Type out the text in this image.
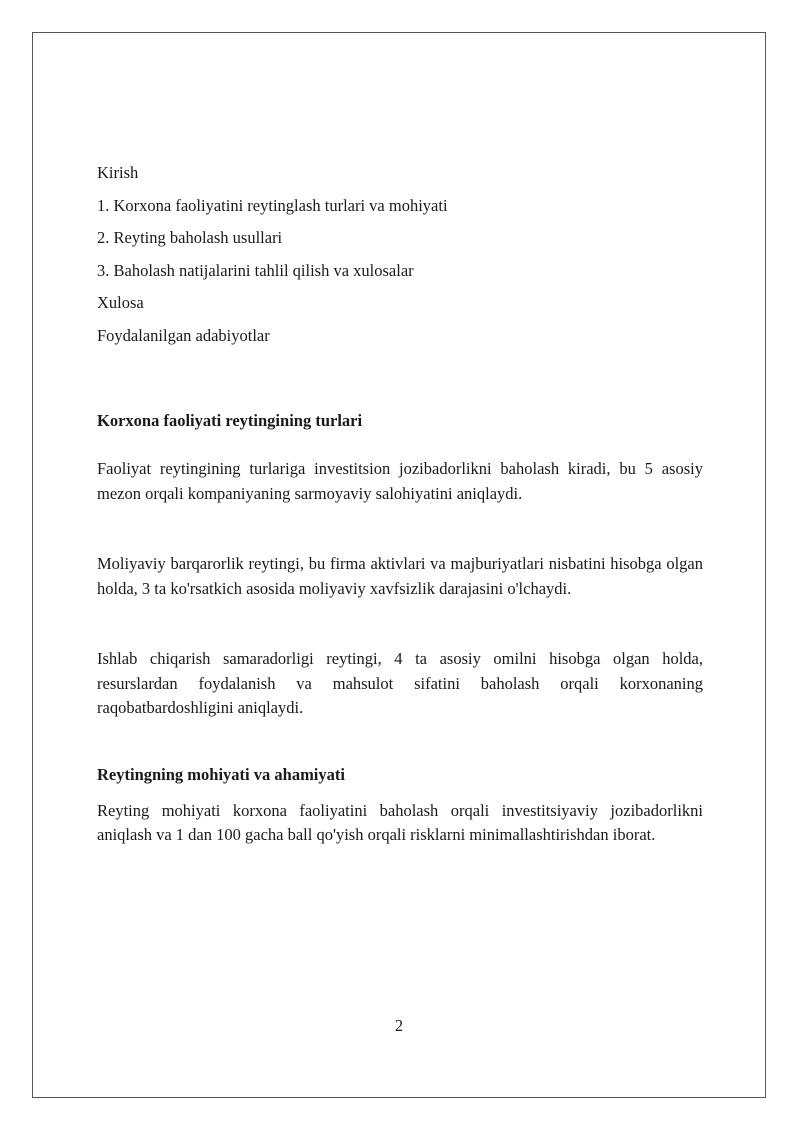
Kirish

1. Korxona faoliyatini reytinglash turlari va mohiyati

2. Reyting baholash usullari

3. Baholash natijalarini tahlil qilish va xulosalar

Xulosa

Foydalanilgan adabiyotlar

Korxona faoliyati reytingining turlari

Faoliyat reytingining turlariga investitsion jozibadorlikni baholash kiradi, bu 5 asosiy mezon orqali kompaniyaning sarmoyaviy salohiyatini aniqlaydi.

Moliyaviy barqarorlik reytingi, bu firma aktivlari va majburiyatlari nisbatini hisobga olgan holda, 3 ta ko'rsatkich asosida moliyaviy xavfsizlik darajasini o'lchaydi.

Ishlab chiqarish samaradorligi reytingi, 4 ta asosiy omilni hisobga olgan holda, resurslardan foydalanish va mahsulot sifatini baholash orqali korxonaning raqobatbardoshligini aniqlaydi.

Reytingning mohiyati va ahamiyati

Reyting mohiyati korxona faoliyatini baholash orqali investitsiyaviy jozibadorlikni aniqlash va 1 dan 100 gacha ball qo'yish orqali risklarni minimallashtirishdan iborat.

2
